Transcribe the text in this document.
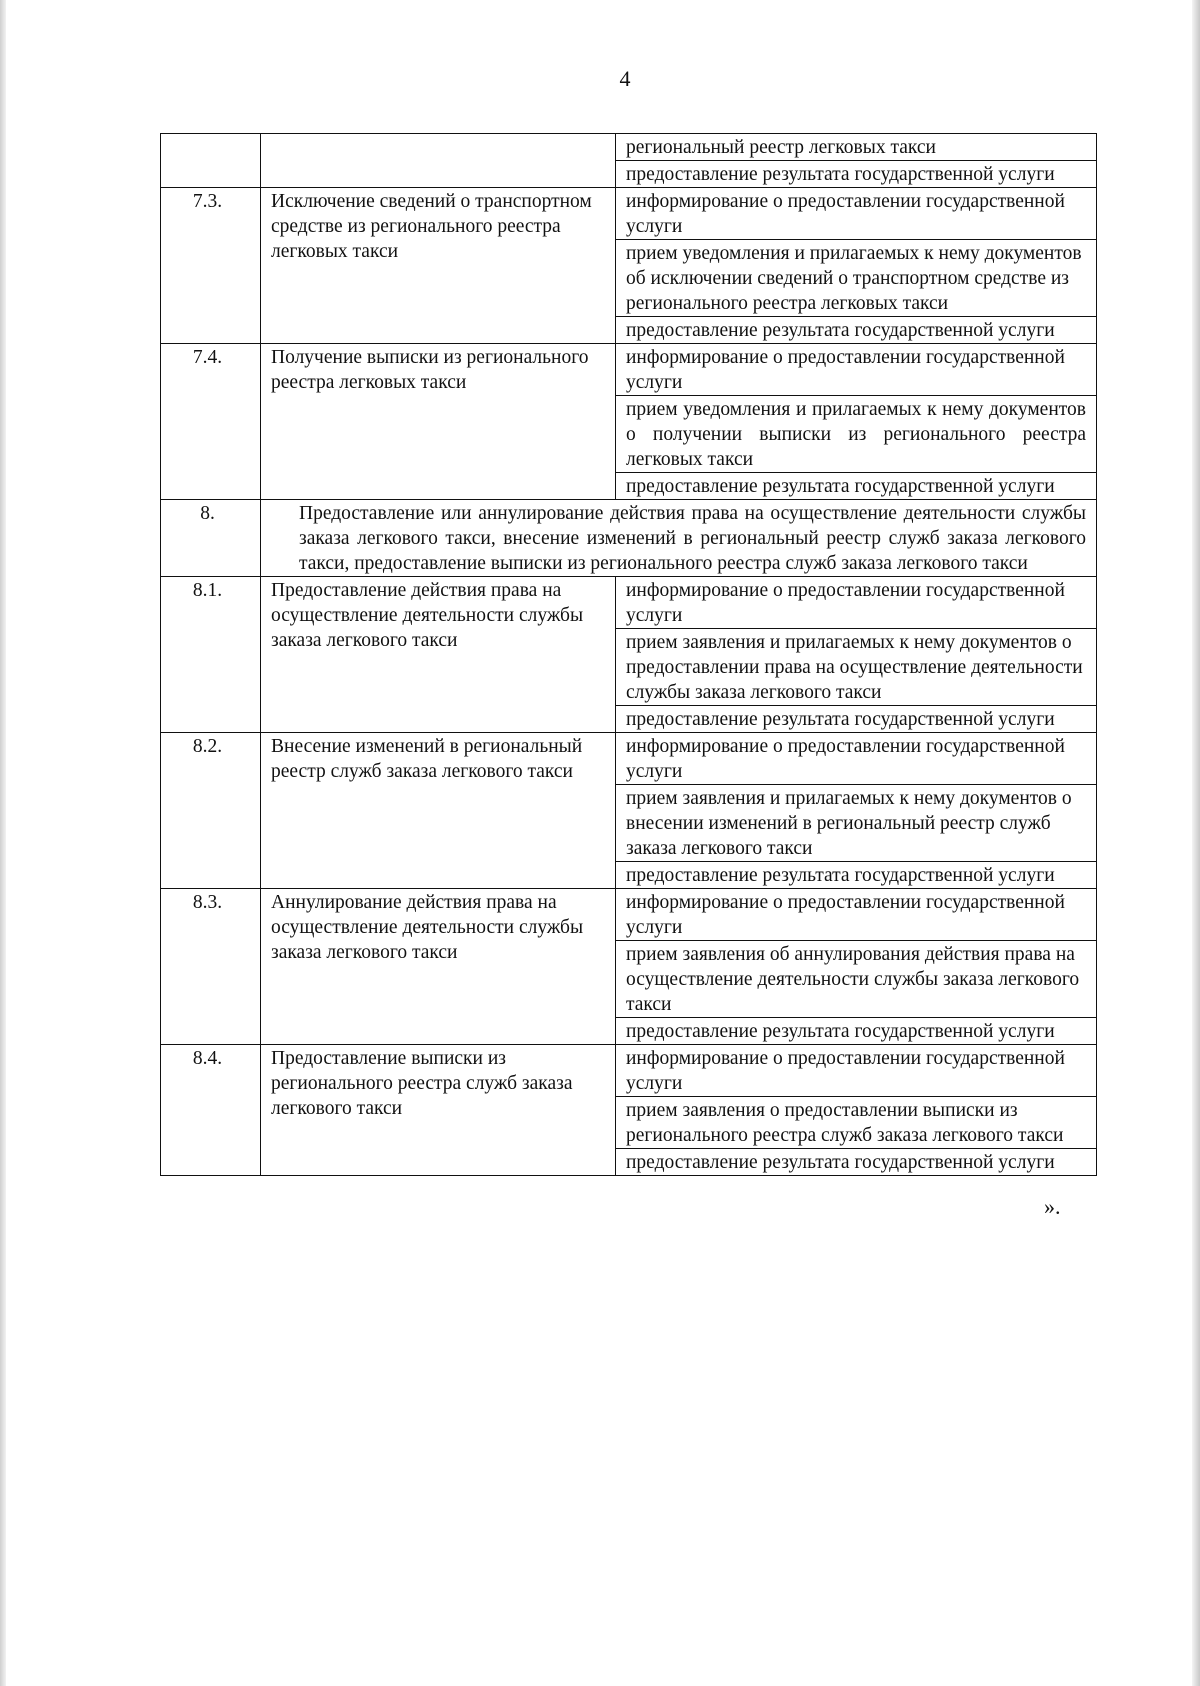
4
		региональный реестр легковых такси
		предоставление результата государственной услуги
7.3.	Исключение сведений о транспортном средстве из регионального реестра легковых такси	информирование о предоставлении государственной услуги
		прием уведомления и прилагаемых к нему документов об исключении сведений о транспортном средстве из регионального реестра легковых такси
		предоставление результата государственной услуги
7.4.	Получение выписки из регионального реестра легковых такси	информирование о предоставлении государственной услуги
		прием уведомления и прилагаемых к нему документов о получении выписки из регионального реестра легковых такси
		предоставление результата государственной услуги
8.	Предоставление или аннулирование действия права на осуществление деятельности службы заказа легкового такси, внесение изменений в региональный реестр служб заказа легкового такси, предоставление выписки из регионального реестра служб заказа легкового такси	
8.1.	Предоставление действия права на осуществление деятельности службы заказа легкового такси	информирование о предоставлении государственной услуги
		прием заявления и прилагаемых к нему документов о предоставлении права на осуществление деятельности службы заказа легкового такси
		предоставление результата государственной услуги
8.2.	Внесение изменений в региональный реестр служб заказа легкового такси	информирование о предоставлении государственной услуги
		прием заявления и прилагаемых к нему документов о внесении изменений в региональный реестр служб заказа легкового такси
		предоставление результата государственной услуги
8.3.	Аннулирование действия права на осуществление деятельности службы заказа легкового такси	информирование о предоставлении государственной услуги
		прием заявления об аннулирования действия права на осуществление деятельности службы заказа легкового такси
		предоставление результата государственной услуги
8.4.	Предоставление выписки из регионального реестра служб заказа легкового такси	информирование о предоставлении государственной услуги
		прием заявления о предоставлении выписки из регионального реестра служб заказа легкового такси
		предоставление результата государственной услуги
».
